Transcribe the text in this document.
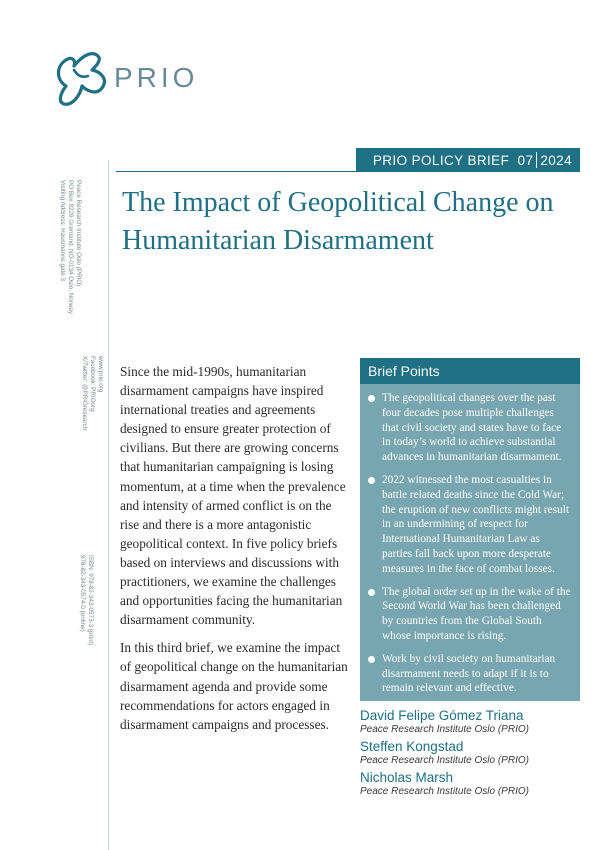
PRIO
Peace Research Institute Oslo (PRIO)
PO Box 9229 Grønland, NO-0134 Oslo, Norway
Visiting Address: Hausmanns gate 3
www.prio.org
Facebook: PRIOorg
X/Twitter: @PRIOresearch
ISBN: 978-82-343-0573-3 (print)
978-82-343-0574-0 (online)
PRIO POLICY BRIEF
07 2024
The Impact of Geopolitical Change on Humanitarian Disarmament

Since the mid-1990s, humanitarian disarmament campaigns have inspired international treaties and agreements designed to ensure greater protection of civilians. But there are growing concerns that humanitarian campaigning is losing momentum, at a time when the prevalence and intensity of armed conflict is on the rise and there is a more antagonistic geopolitical context. In five policy briefs based on interviews and discussions with practitioners, we examine the challenges and opportunities facing the humanitarian disarmament community.

In this third brief, we examine the impact of geopolitical change on the humanitarian disarmament agenda and provide some recommendations for actors engaged in disarmament campaigns and processes.

Brief Points
The geopolitical changes over the past four decades pose multiple challenges that civil society and states have to face in today’s world to achieve substantial advances in humanitarian disarmament.
2022 witnessed the most casualties in battle related deaths since the Cold War; the eruption of new conflicts might result in an undermining of respect for International Humanitarian Law as parties fall back upon more desperate measures in the face of combat losses.
The global order set up in the wake of the Second World War has been challenged by countries from the Global South whose importance is rising.
Work by civil society on humanitarian disarmament needs to adapt if it is to remain relevant and effective.
David Felipe Gómez Triana
Peace Research Institute Oslo (PRIO)
Steffen Kongstad
Peace Research Institute Oslo (PRIO)
Nicholas Marsh
Peace Research Institute Oslo (PRIO)
